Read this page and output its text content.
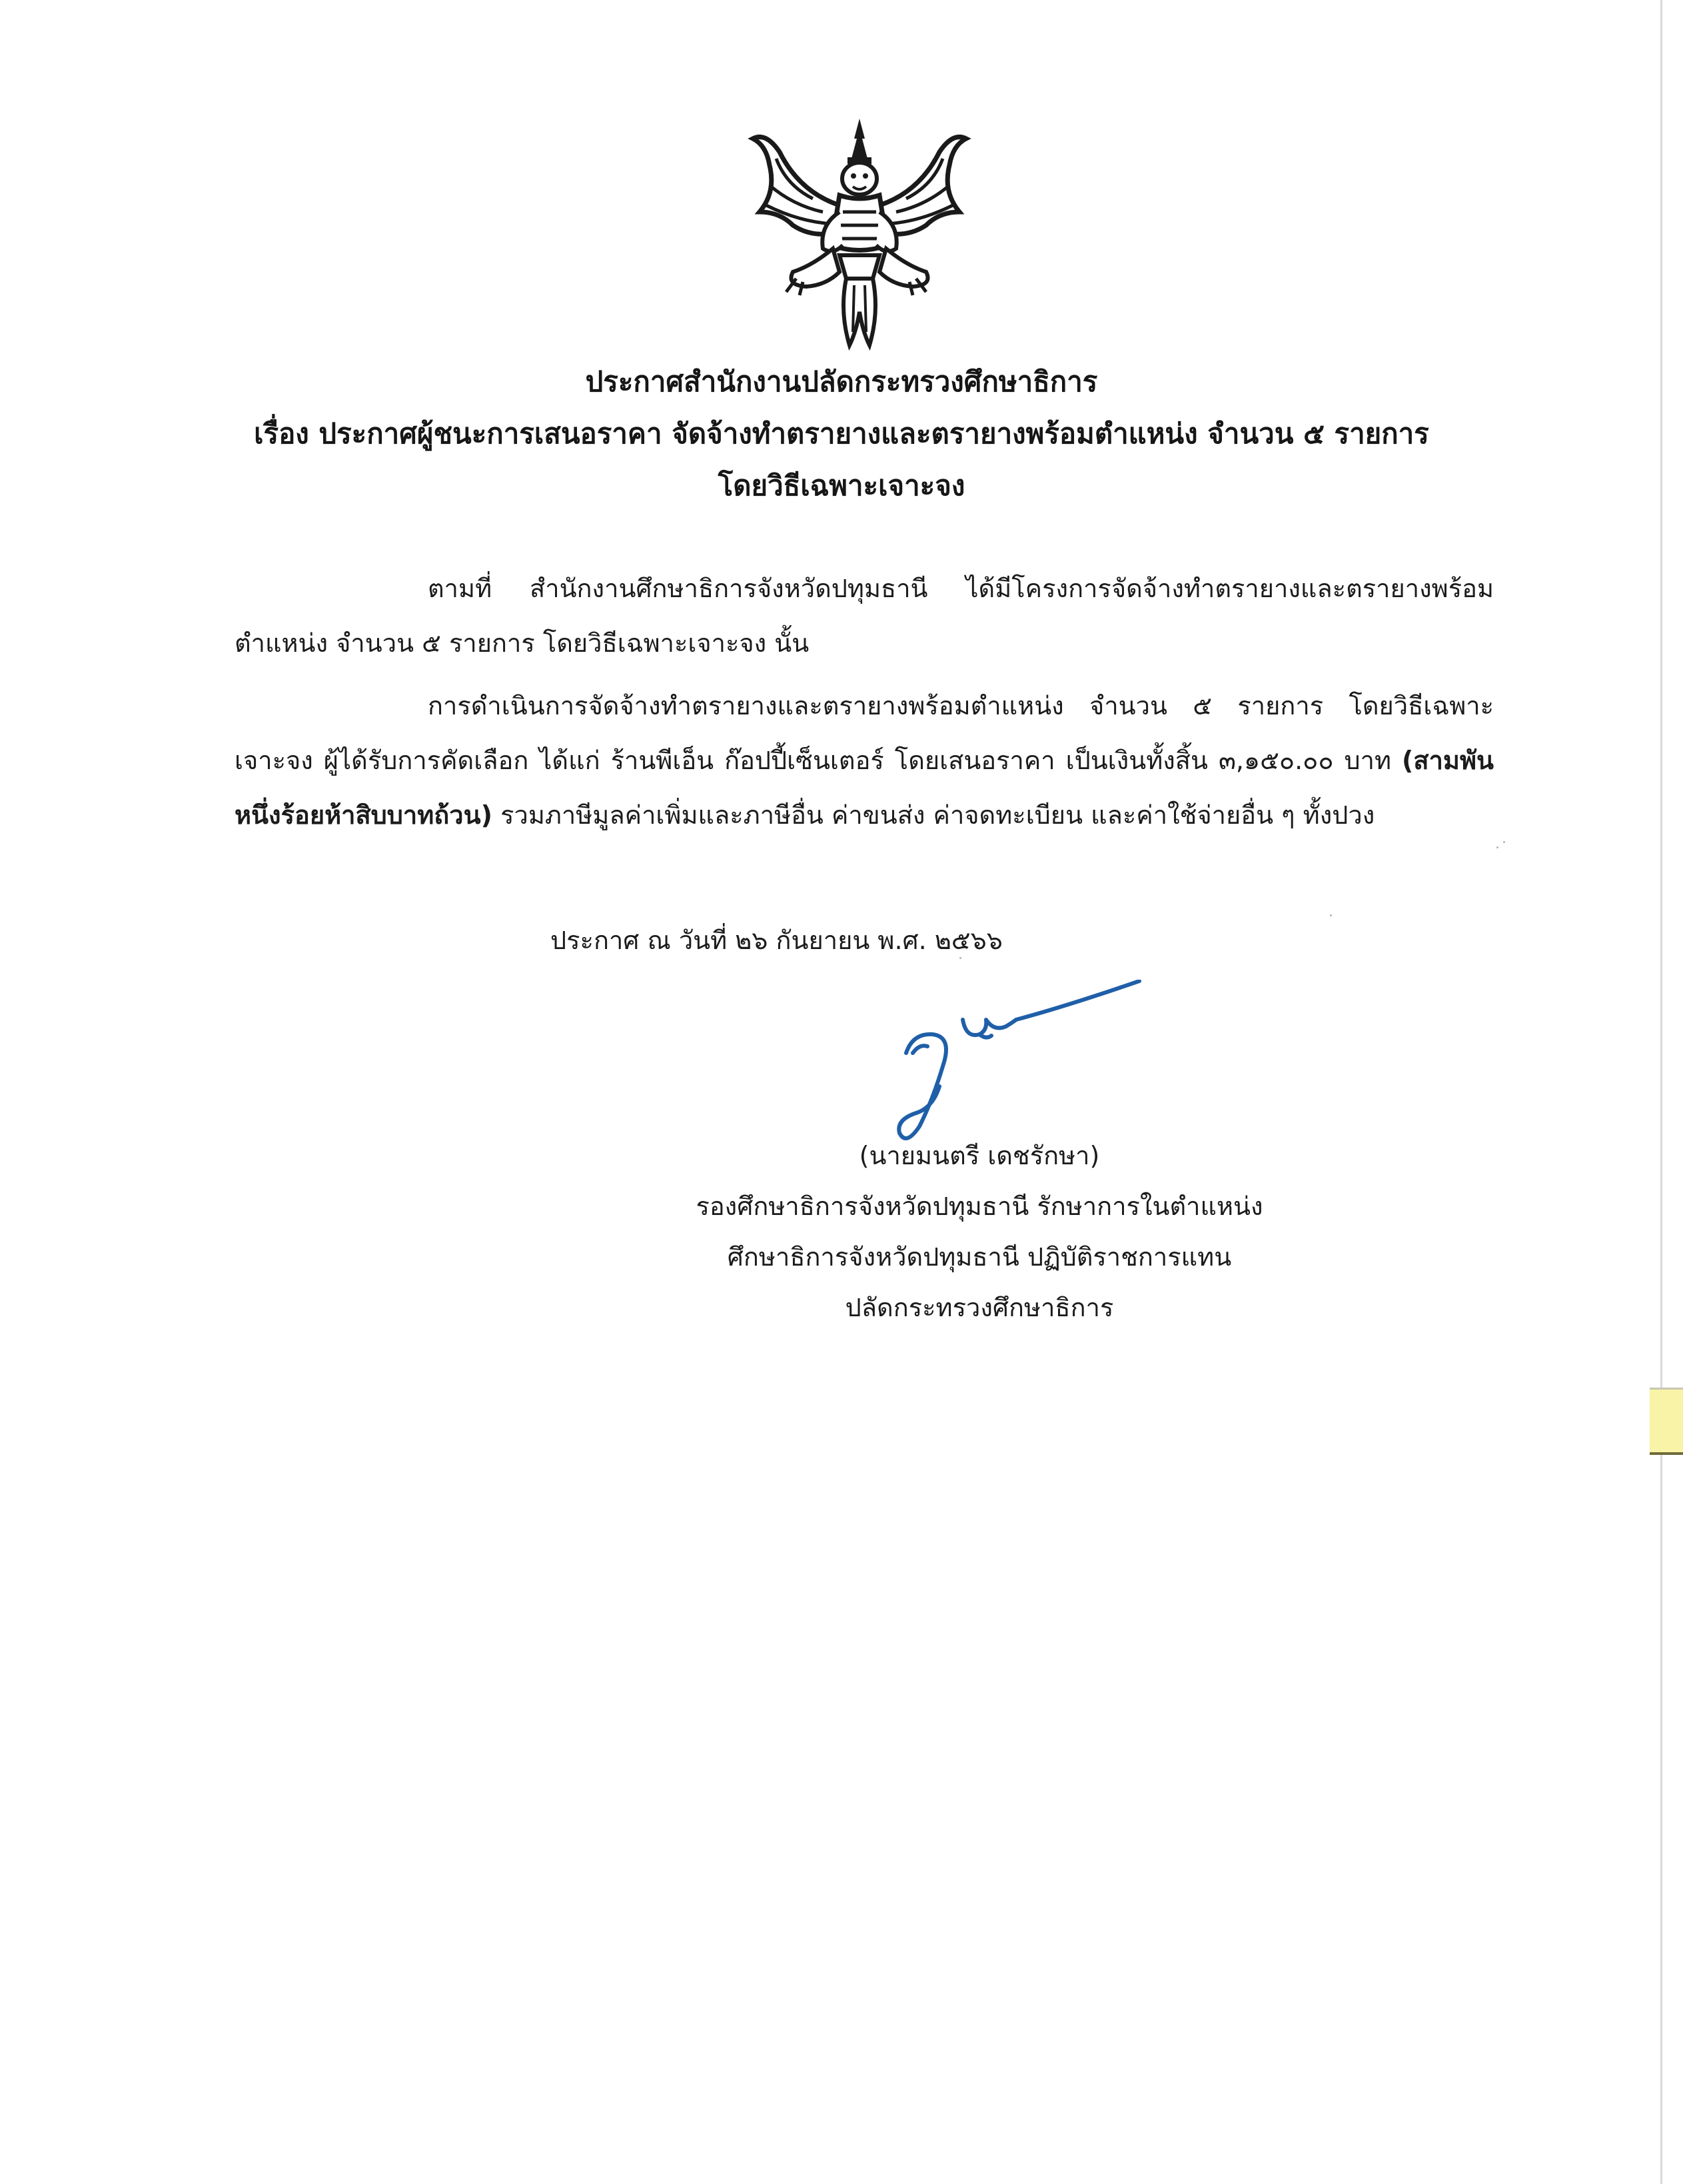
ประกาศสำนักงานปลัดกระทรวงศึกษาธิการ
เรื่อง ประกาศผู้ชนะการเสนอราคา จัดจ้างทำตรายางและตรายางพร้อมตำแหน่ง จำนวน ๕ รายการ
โดยวิธีเฉพาะเจาะจง
ตามที่ สำนักงานศึกษาธิการจังหวัดปทุมธานี ได้มีโครงการจัดจ้างทำตรายางและตรายางพร้อมตำแหน่ง จำนวน ๕ รายการ โดยวิธีเฉพาะเจาะจง นั้น
การดำเนินการจัดจ้างทำตรายางและตรายางพร้อมตำแหน่ง จำนวน ๕ รายการ โดยวิธีเฉพาะเจาะจง ผู้ได้รับการคัดเลือก ได้แก่ ร้านพีเอ็น ก๊อปปี้เซ็นเตอร์ โดยเสนอราคา เป็นเงินทั้งสิ้น ๓,๑๕๐.๐๐ บาท (สามพันหนึ่งร้อยห้าสิบบาทถ้วน) รวมภาษีมูลค่าเพิ่มและภาษีอื่น ค่าขนส่ง ค่าจดทะเบียน และค่าใช้จ่ายอื่น ๆ ทั้งปวง
ประกาศ ณ วันที่ ๒๖ กันยายน พ.ศ. ๒๕๖๖
(นายมนตรี เดชรักษา)
รองศึกษาธิการจังหวัดปทุมธานี รักษาการในตำแหน่ง
ศึกษาธิการจังหวัดปทุมธานี ปฏิบัติราชการแทน
ปลัดกระทรวงศึกษาธิการ
